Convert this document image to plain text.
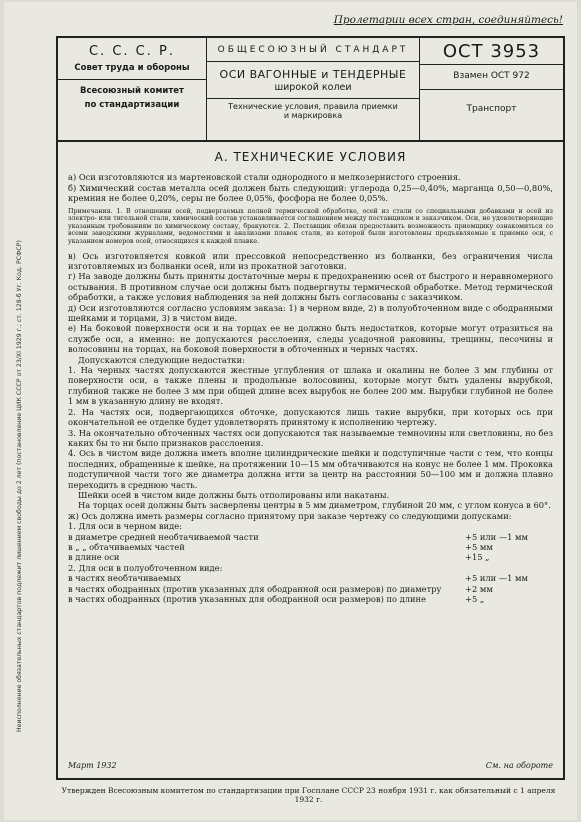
Пролетарии всех стран, соединяйтесь!
Неисполнение обязательных стандартов подлежит лишением свободы до 2 лет (постановление ЦИК СССР от 23/XI 1929 г.; ст. 128-б Уг. Код. РСФСР)
С. С. С. Р.
Совет труда и обороны
Всесоюзный комитет
по стандартизации
ОБЩЕСОЮЗНЫЙ СТАНДАРТ
ОСИ ВАГОННЫЕ и ТЕНДЕРНЫЕ
широкой колеи
Технические условия, правила приемки
и маркировка
ОСТ 3953
Взамен ОСТ 972
Транспорт
А. ТЕХНИЧЕСКИЕ УСЛОВИЯ

а) Оси изготовляются из мартеновской стали однородного и мелкозернистого строения.

б) Химический состав металла осей должен быть следующий: углерода 0,25—0,40%, марганца 0,50—0,80%, кремния не более 0,20%, серы не более 0,05%, фосфора не более 0,05%.

Примечания. 1. В отношении осей, подвергаемых полной термической обработке, осей из стали со специальными добавками и осей из электро- или тигельной стали, химический состав устанавливается соглашением между поставщиком и заказчиком. Оси, не удовлетворяющие указанным требованиям по химическому составу, бракуются. 2. Поставщик обязан предоставить возможность приемщику ознакомиться со всеми заводскими журналами, ведомостями и анализами плавок стали, из которой были изготовлены предъявляемые к приемке оси, с указанием номеров осей, относящихся к каждой плавке.

в) Ось изготовляется ковкой или прессовкой непосредственно из болванки, без ограничения числа изготовляемых из болванки осей, или из прокатной заготовки.

г) На заводе должны быть приняты достаточные меры к предохранению осей от быстрого и неравномерного остывания. В противном случае оси должны быть подвергнуты термической обработке. Метод термической обработки, а также условия наблюдения за ней должны быть согласованы с заказчиком.

д) Оси изготовляются согласно условиям заказа: 1) в черном виде, 2) в полуобточенном виде с ободранными шейками и торцами, 3) в чистом виде.

е) На боковой поверхности оси и на торцах ее не должно быть недостатков, которые могут отразиться на службе оси, а именно: не допускаются расслоения, следы усадочной раковины, трещины, песочины и волосовины на торцах, на боковой поверхности в обточенных и черных частях.

Допускаются следующие недостатки:

1. На черных частях допускаются жестные углубления от шлака и окалины не более 3 мм глубины от поверхности оси, а также плены и продольные волосовины, которые могут быть удалены вырубкой, глубиной также не более 3 мм при общей длине всех вырубок не более 200 мм. Вырубки глубиной не более 1 мм в указанную длину не входят.

2. На частях оси, подвергающихся обточке, допускаются лишь такие вырубки, при которых ось при окончательной ее отделке будет удовлетворять принятому к исполнению чертежу.

3. На окончательно обточенных частях оси допускаются так называемые темноvины или светловины, но без каких бы то ни было признаков расслоения.

4. Ось в чистом виде должна иметь вполне цилиндрические шейки и подступичные части с тем, что концы последних, обращенные к шейке, на протяжении 10—15 мм обтачиваются на конус не более 1 мм. Проковка подступичной части того же диаметра должна итти за центр на расстоянии 50—100 мм и должна плавно переходить в среднюю часть.

Шейки осей в чистом виде должны быть отполированы или накатаны.

На торцах осей должны быть засверлены центры в 5 мм диаметром, глубиной 20 мм, с углом конуса в 60°.

ж) Ось должна иметь размеры согласно принятому при заказе чертежу со следующими допусками:

1. Для оси в черном виде:

в диаметре средней необтачиваемой части	+5 или —1 мм
в „ „ обтачиваемых частей	+5 мм
в длине оси	+15 „

2. Для оси в полуобточенном виде:

в частях необтачиваемых	+5 или —1 мм
в частях ободранных (против указанных для ободранной оси размеров) по диаметру	+2 мм
в частях ободранных (против указанных для ободранной оси размеров) по длине	+5 „
Март 1932	См. на обороте
Утвержден Всесоюзным комитетом по стандартизации при Госплане СССР 23 ноября 1931 г. как обязательный с 1 апреля 1932 г.
